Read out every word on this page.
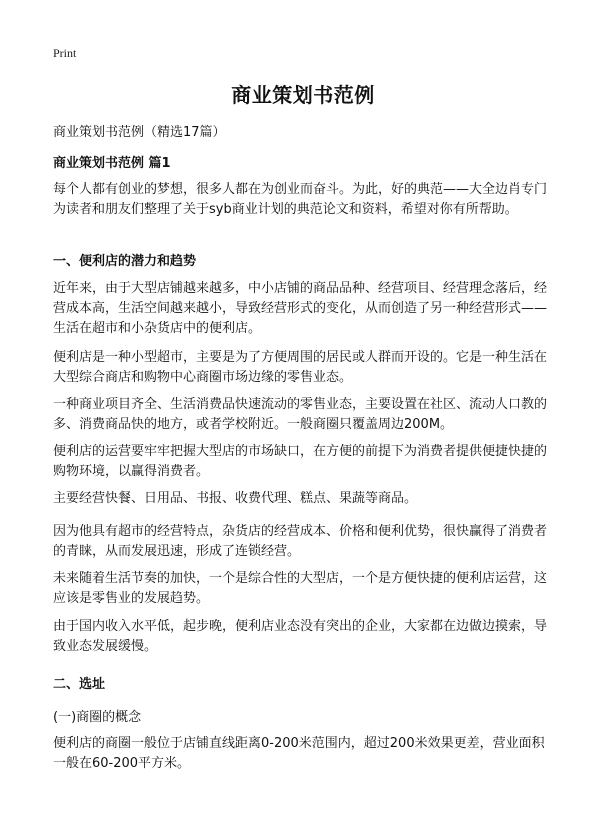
Print
商业策划书范例
商业策划书范例（精选17篇）
商业策划书范例 篇1
每个人都有创业的梦想，很多人都在为创业而奋斗。为此，好的典范——大全边肖专门为读者和朋友们整理了关于syb商业计划的典范论文和资料，希望对你有所帮助。
一、便利店的潜力和趋势
近年来，由于大型店铺越来越多，中小店铺的商品品种、经营项目、经营理念落后，经营成本高，生活空间越来越小，导致经营形式的变化，从而创造了另一种经营形式——生活在超市和小杂货店中的便利店。
便利店是一种小型超市，主要是为了方便周围的居民或人群而开设的。它是一种生活在大型综合商店和购物中心商圈市场边缘的零售业态。
一种商业项目齐全、生活消费品快速流动的零售业态，主要设置在社区、流动人口教的多、消费商品快的地方，或者学校附近。一般商圈只覆盖周边200M。
便利店的运营要牢牢把握大型店的市场缺口，在方便的前提下为消费者提供便捷快捷的购物环境，以赢得消费者。
主要经营快餐、日用品、书报、收费代理、糕点、果蔬等商品。
因为他具有超市的经营特点，杂货店的经营成本、价格和便利优势，很快赢得了消费者的青睐，从而发展迅速，形成了连锁经营。
未来随着生活节奏的加快，一个是综合性的大型店，一个是方便快捷的便利店运营，这应该是零售业的发展趋势。
由于国内收入水平低，起步晚，便利店业态没有突出的企业，大家都在边做边摸索，导致业态发展缓慢。
二、选址
(一)商圈的概念
便利店的商圈一般位于店铺直线距离0-200米范围内，超过200米效果更差，营业面积一般在60-200平方米。
